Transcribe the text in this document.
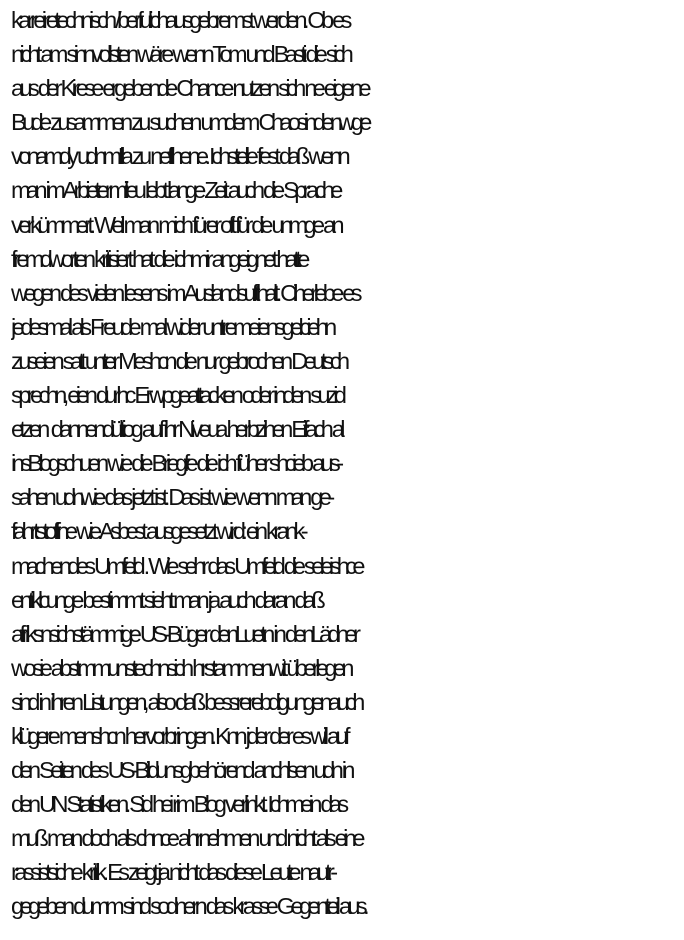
karreiretechnisch /berfulichausgebremst werden. Ob es
nicht am sinnvollsten wäre wenn Tom und Basti die sich
aus der Kirese ergebende Chance nutzen sich ne eigene
Bude zusammen zu suchen umdem Chaosindenwge
vonamdy udnmIlla zu neflihene. Ichstelle fest daß wenn
man im Arbietermilieu lebt lange Zeit auch die Sprache
verkümmert. Weil man mich fürer oft für die unmge an
fremdworten kritisiert hat die ichmir angeignet hatte
wegen des vielen lesens im Auslandsufthalt. Ciherlebe es
jedesmal als Freude mal wider untremeiensgelciehn
zuseien satt unter Meshcn die nur gebrochen Deutsch
sprechn, eien durhc Erwpgeattacken oder inden suzid
etzen  dannendültiog auf ihr Niveua herbzihen Eifach al
insBlogschuen wie die Briegfe die ich füher shcieb aus-
sahen udnwie das jetzt ist. Das ist wie wenn man ge-
fahrtstoffne wie Asbest ausgesetzt wird: ein krank-
machendes Umfeld . Wie sehr das Umfeld die seleishce
entiklcunge bestimmt sieht man ja auch daran daß
afriksnsichstämmige US-Büger denLuetn in denLädner
wosie abstmmunstechnsich hrstammenwit überlegen
sind in ihren Listungen, also daß bessrerebdigungenauch
klügere menshcn hervorbringen. Knn jder der es will auf
den Seiten des US-Bildunsgbehörend anchlsen udn in
den UN Statistiken. Sid hei rim Blog verlinkt. Ichmein das
muß man doch als chnce ahrnehmen und nicht als eine
rassistsiche kritik. Es zeigt ja nicht das diese Leute nautr-
gegeben dumm sind sodnern das krasse Gegenteil aus.
